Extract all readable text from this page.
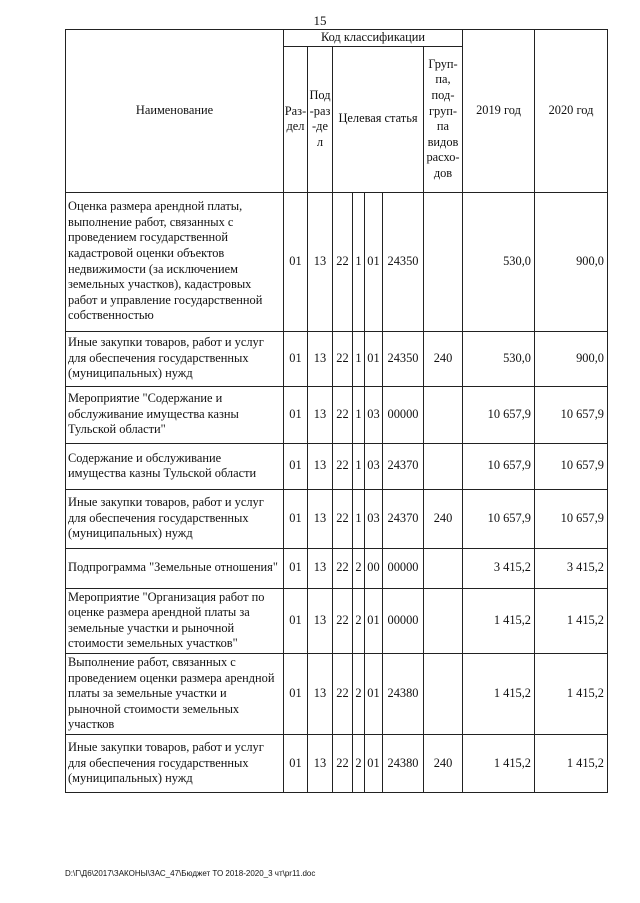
15
Наименование	Код классификации							2019 год	2020 год

	Раз-дел	Под-раз-дел	Целевая статья				Груп-па, под-груп-па видов расхо-дов		

Оценка размера арендной платы, выполнение работ, связанных с проведением государственной кадастровой оценки объектов недвижимости (за исключением земельных участков), кадастровых работ и управление государственной собственностью	01	13	22	1	01	24350		530,0	900,0
Иные закупки товаров, работ и услуг для обеспечения государственных (муниципальных) нужд	01	13	22	1	01	24350	240	530,0	900,0
Мероприятие "Содержание и обслуживание имущества казны Тульской области"	01	13	22	1	03	00000		10 657,9	10 657,9
Содержание и обслуживание имущества казны Тульской области	01	13	22	1	03	24370		10 657,9	10 657,9
Иные закупки товаров, работ и услуг для обеспечения государственных (муниципальных) нужд	01	13	22	1	03	24370	240	10 657,9	10 657,9
Подпрограмма "Земельные отношения"	01	13	22	2	00	00000		3 415,2	3 415,2
Мероприятие "Организация работ по оценке размера арендной платы за земельные участки и рыночной стоимости земельных участков"	01	13	22	2	01	00000		1 415,2	1 415,2
Выполнение работ, связанных с проведением оценки размера арендной платы за земельные участки и рыночной стоимости земельных участков	01	13	22	2	01	24380		1 415,2	1 415,2
Иные закупки товаров, работ и услуг для обеспечения государственных (муниципальных) нужд	01	13	22	2	01	24380	240	1 415,2	1 415,2
D:\Г\Д6\2017\ЗАКОНЫ\ЗАС_47\Бюджет ТО 2018-2020_3 чт\pr11.doc
